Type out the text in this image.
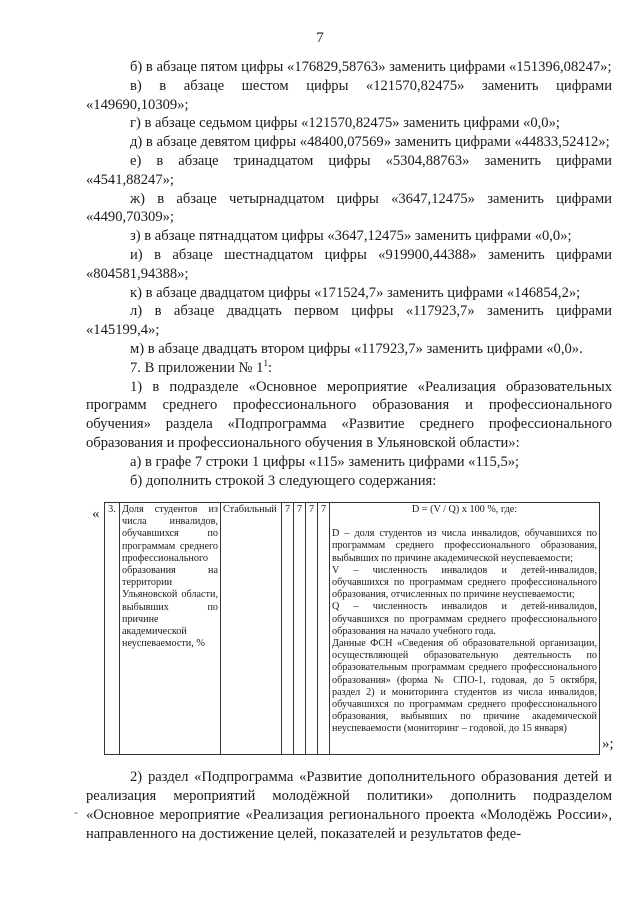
7

б) в абзаце пятом цифры «176829,58763» заменить цифрами «151396,08247»;

в) в абзаце шестом цифры «121570,82475» заменить цифрами «149690,10309»;

г) в абзаце седьмом цифры «121570,82475» заменить цифрами «0,0»;

д) в абзаце девятом цифры «48400,07569» заменить цифрами «44833,52412»;

е) в абзаце тринадцатом цифры «5304,88763» заменить цифрами «4541,88247»;

ж) в абзаце четырнадцатом цифры «3647,12475» заменить цифрами «4490,70309»;

з) в абзаце пятнадцатом цифры «3647,12475» заменить цифрами «0,0»;

и) в абзаце шестнадцатом цифры «919900,44388» заменить цифрами «804581,94388»;

к) в абзаце двадцатом цифры «171524,7» заменить цифрами «146854,2»;

л) в абзаце двадцать первом цифры «117923,7» заменить цифрами «145199,4»;

м) в абзаце двадцать втором цифры «117923,7» заменить цифрами «0,0».

7. В приложении № $1^1$:

1) в подразделе «Основное мероприятие «Реализация образовательных программ среднего профессионального образования и профессионального обучения» раздела «Подпрограмма «Развитие среднего профессионального образования и профессионального обучения в Ульяновской области»:

а) в графе 7 строки 1 цифры «115» заменить цифрами «115,5»;

б) дополнить строкой 3 следующего содержания:

« 3.	Доля студентов из числа инвалидов, обучавшихся по программам среднего профессионального образования на территории Ульяновской области, выбывших по причине академической неуспеваемости, %	Стабильный	7	7	7	7	D = (V / Q) x 100 %, где:
D – доля студентов из числа инвалидов, обучавшихся по программам среднего профессионального образования, выбывших по причине академической неуспеваемости;
V – численность инвалидов и детей-инвалидов, обучавшихся по программам среднего профессионального образования, отчисленных по причине неуспеваемости;
Q – численность инвалидов и детей-инвалидов, обучавшихся по программам среднего профессионального образования на начало учебного года.
Данные ФСН «Сведения об образовательной организации, осуществляющей образовательную деятельность по образовательным программам среднего профессионального образования» (форма № СПО-1, годовая, до 5 октября, раздел 2) и мониторинга студентов из числа инвалидов, обучавшихся по программам среднего профессионального образования, выбывших по причине академической неуспеваемости (мониторинг – годовой, до 15 января)
»;

2) раздел «Подпрограмма «Развитие дополнительного образования детей и реализация мероприятий молодёжной политики» дополнить подразделом «Основное мероприятие «Реализация регионального проекта «Молодёжь России», направленного на достижение целей, показателей и результатов феде-

-
